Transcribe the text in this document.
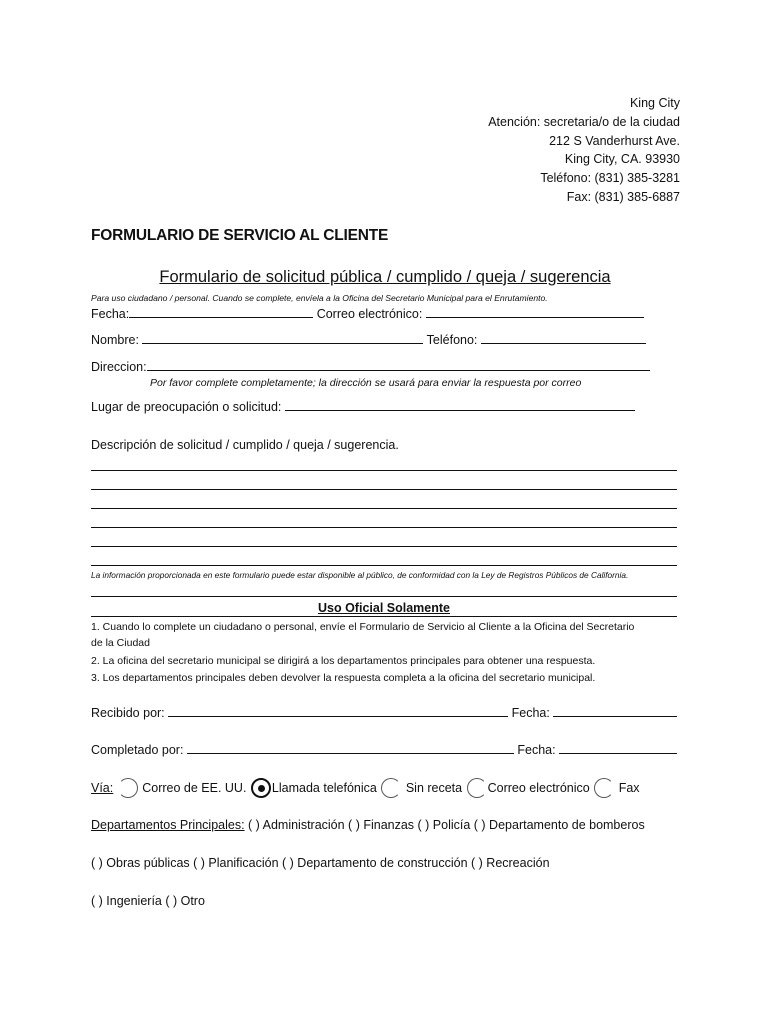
King City
Atención: secretaria/o de la ciudad
212 S Vanderhurst Ave.
King City, CA. 93930
Teléfono: (831) 385-3281
Fax: (831) 385-6887
FORMULARIO DE SERVICIO AL CLIENTE
Formulario de solicitud pública / cumplido / queja / sugerencia
Para uso ciudadano / personal. Cuando se complete, envíela a la Oficina del Secretario Municipal para el Enrutamiento.
Fecha:	Correo electrónico:
Nombre:	Teléfono:
Direccion:
Por favor complete completamente; la dirección se usará para enviar la respuesta por correo
Lugar de preocupación o solicitud:
Descripción de solicitud / cumplido / queja / sugerencia.
La información proporcionada en este formulario puede estar disponible al público, de conformidad con la Ley de Registros Públicos de California.
Uso Oficial Solamente
1. Cuando lo complete un ciudadano o personal, envíe el Formulario de Servicio al Cliente a la Oficina del Secretario
de la Ciudad
2. La oficina del secretario municipal se dirigirá a los departamentos principales para obtener una respuesta.
3. Los departamentos principales deben devolver la respuesta completa a la oficina del secretario municipal.
Recibido por:	Fecha:
Completado por:	Fecha:
Vía: Correo de EE. UU. Llamada telefónica Sin receta Correo electrónico Fax
Departamentos Principales: ( ) Administración ( ) Finanzas ( ) Policía ( ) Departamento de bomberos
( ) Obras públicas ( ) Planificación ( ) Departamento de construcción ( ) Recreación
( ) Ingeniería ( ) Otro
